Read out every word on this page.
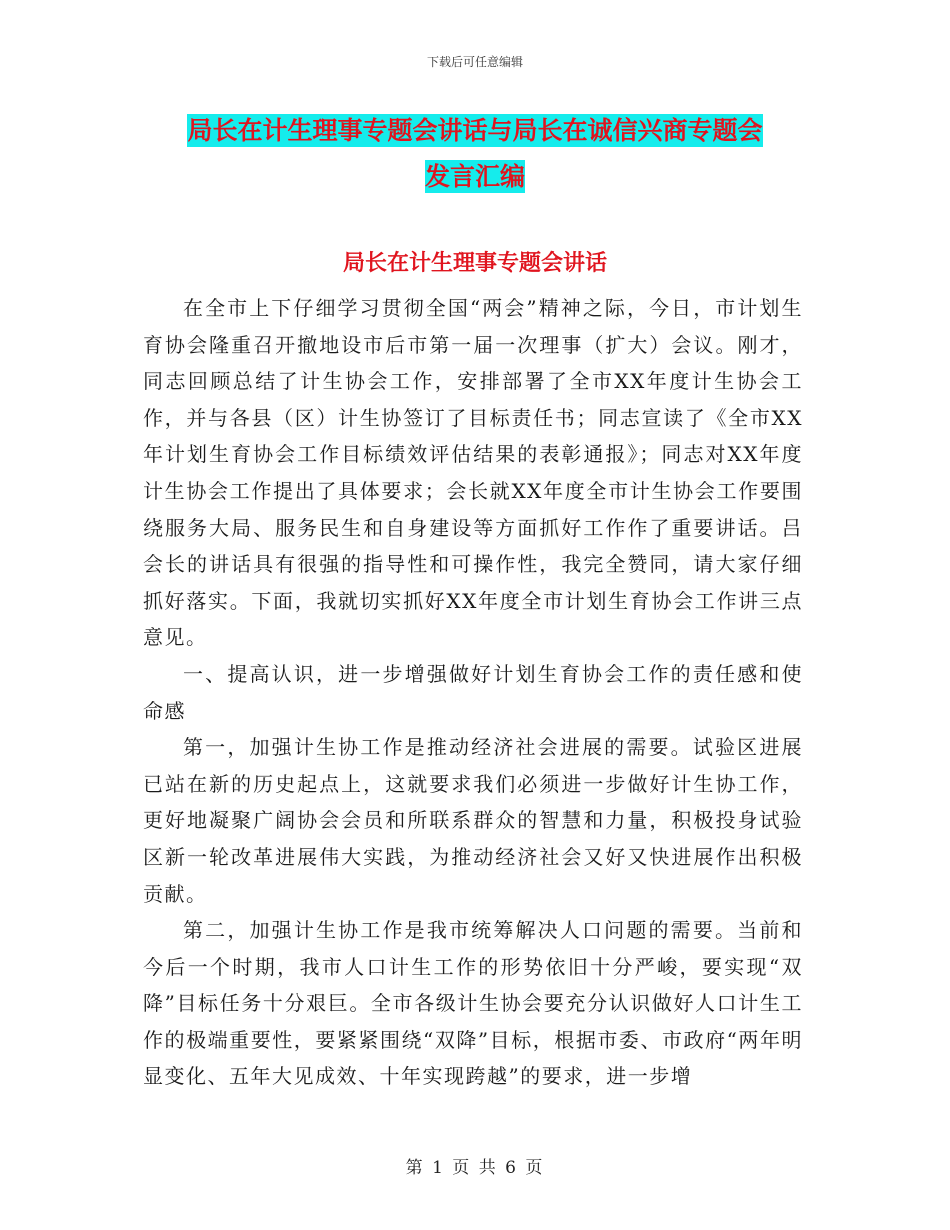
下载后可任意编辑
局长在计生理事专题会讲话与局长在诚信兴商专题会
发言汇编
局长在计生理事专题会讲话

在全市上下仔细学习贯彻全国“两会”精神之际，今日，市计划生育协会隆重召开撤地设市后市第一届一次理事（扩大）会议。刚才，同志回顾总结了计生协会工作，安排部署了全市XX年度计生协会工作，并与各县（区）计生协签订了目标责任书；同志宣读了《全市XX年计划生育协会工作目标绩效评估结果的表彰通报》；同志对XX年度计生协会工作提出了具体要求；会长就XX年度全市计生协会工作要围绕服务大局、服务民生和自身建设等方面抓好工作作了重要讲话。吕会长的讲话具有很强的指导性和可操作性，我完全赞同，请大家仔细抓好落实。下面，我就切实抓好XX年度全市计划生育协会工作讲三点意见。

一、提高认识，进一步增强做好计划生育协会工作的责任感和使命感

第一，加强计生协工作是推动经济社会进展的需要。试验区进展已站在新的历史起点上，这就要求我们必须进一步做好计生协工作，更好地凝聚广阔协会会员和所联系群众的智慧和力量，积极投身试验区新一轮改革进展伟大实践，为推动经济社会又好又快进展作出积极贡献。

第二，加强计生协工作是我市统筹解决人口问题的需要。当前和今后一个时期，我市人口计生工作的形势依旧十分严峻，要实现“双降”目标任务十分艰巨。全市各级计生协会要充分认识做好人口计生工作的极端重要性，要紧紧围绕“双降”目标，根据市委、市政府“两年明显变化、五年大见成效、十年实现跨越”的要求，进一步增

第 1 页 共 6 页
